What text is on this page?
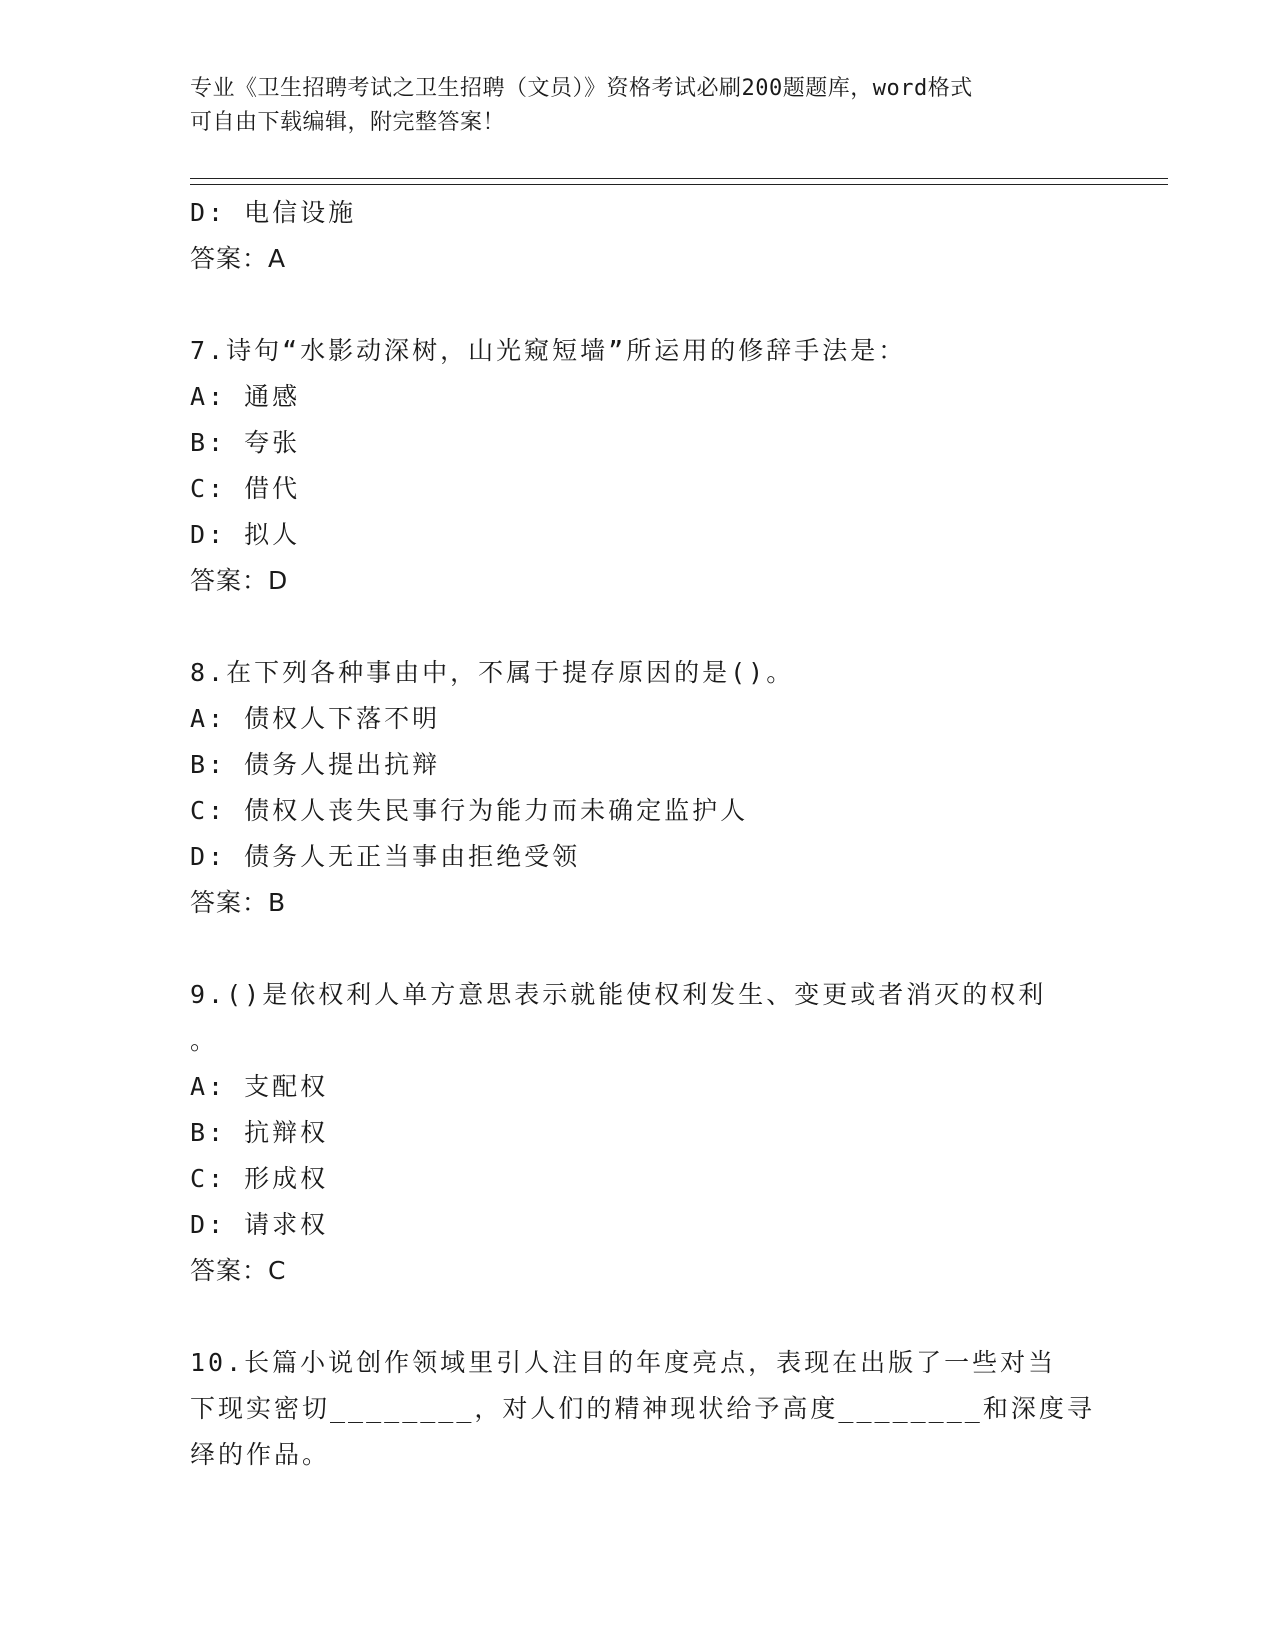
专业《卫生招聘考试之卫生招聘（文员）》资格考试必刷200题题库，word格式
可自由下载编辑，附完整答案！
D: 电信设施
答案：A
7.诗句“水影动深树，山光窥短墙”所运用的修辞手法是：
A: 通感
B: 夸张
C: 借代
D: 拟人
答案：D
8.在下列各种事由中，不属于提存原因的是()。
A: 债权人下落不明
B: 债务人提出抗辩
C: 债权人丧失民事行为能力而未确定监护人
D: 债务人无正当事由拒绝受领
答案：B
9.()是依权利人单方意思表示就能使权利发生、变更或者消灭的权利
。
A: 支配权
B: 抗辩权
C: 形成权
D: 请求权
答案：C
10.长篇小说创作领域里引人注目的年度亮点，表现在出版了一些对当
下现实密切________，对人们的精神现状给予高度________和深度寻
绎的作品。
